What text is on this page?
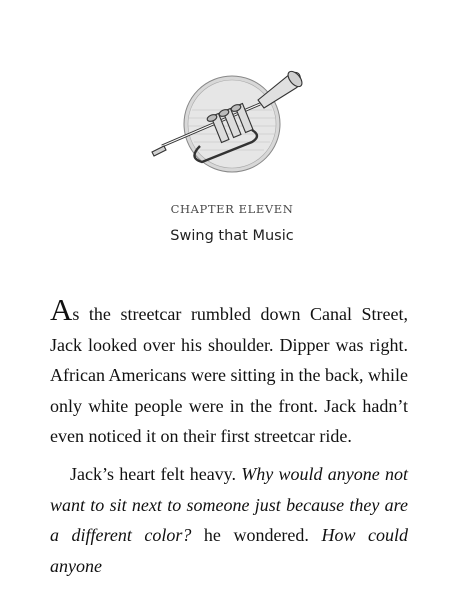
CHAPTER ELEVEN
Swing that Music

As the streetcar rumbled down Canal Street, Jack looked over his shoulder. Dipper was right. African Americans were sitting in the back, while only white people were in the front. Jack hadn’t even noticed it on their first streetcar ride.

Jack’s heart felt heavy. Why would anyone not want to sit next to someone just because they are a different color? he wondered. How could anyone
